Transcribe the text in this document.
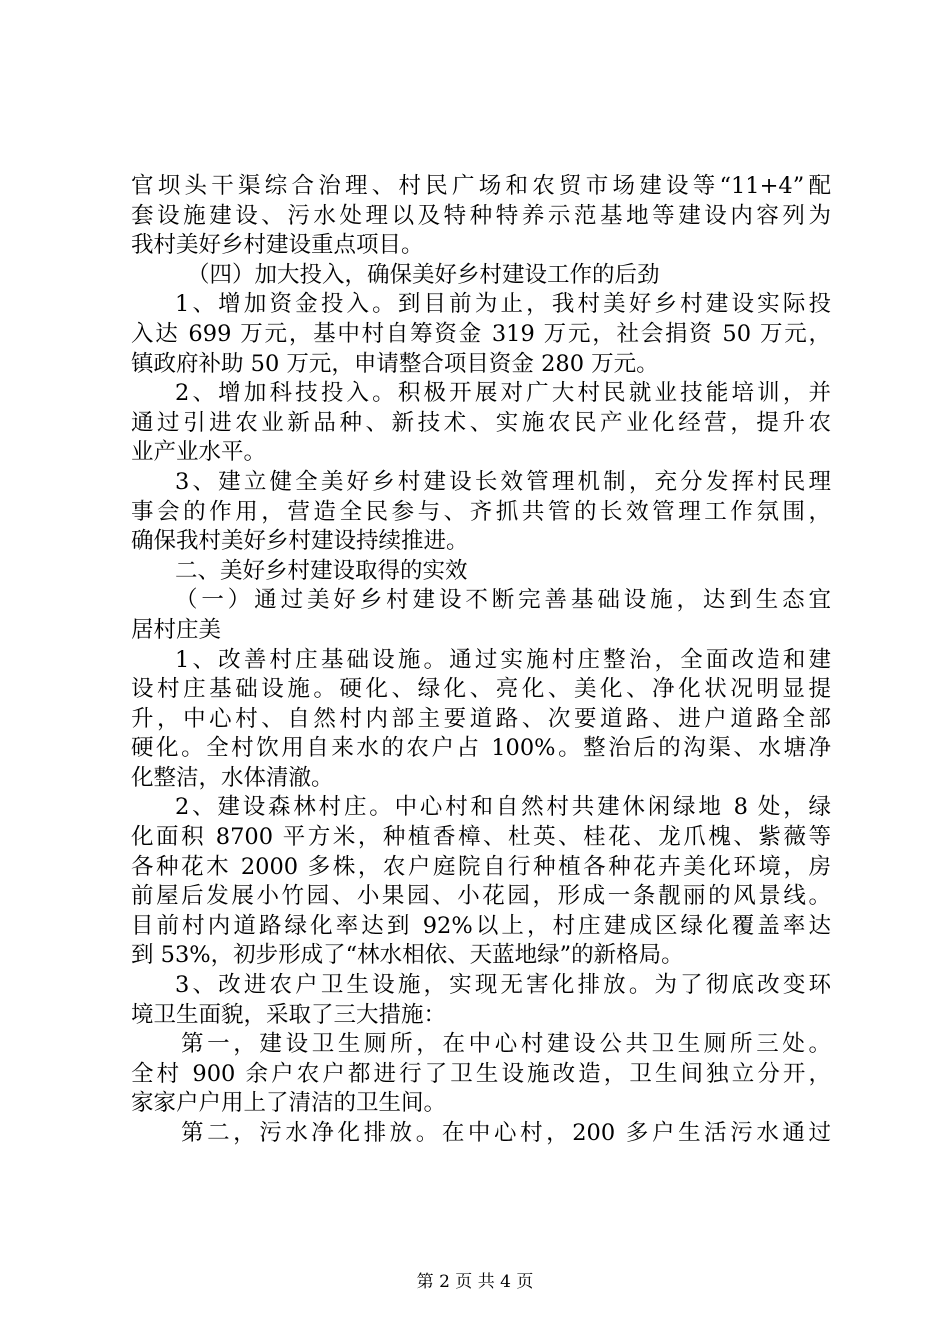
官坝头干渠综合治理、村民广场和农贸市场建设等“11+4”配
套设施建设、污水处理以及特种特养示范基地等建设内容列为
我村美好乡村建设重点项目。
（四）加大投入，确保美好乡村建设工作的后劲
1、增加资金投入。到目前为止，我村美好乡村建设实际投
入达 699 万元，基中村自筹资金 319 万元，社会捐资 50 万元，
镇政府补助 50 万元，申请整合项目资金 280 万元。
2、增加科技投入。积极开展对广大村民就业技能培训，并
通过引进农业新品种、新技术、实施农民产业化经营，提升农
业产业水平。
3、建立健全美好乡村建设长效管理机制，充分发挥村民理
事会的作用，营造全民参与、齐抓共管的长效管理工作氛围，
确保我村美好乡村建设持续推进。
二、美好乡村建设取得的实效
（一）通过美好乡村建设不断完善基础设施，达到生态宜
居村庄美
1、改善村庄基础设施。通过实施村庄整治，全面改造和建
设村庄基础设施。硬化、绿化、亮化、美化、净化状况明显提
升，中心村、自然村内部主要道路、次要道路、进户道路全部
硬化。全村饮用自来水的农户占 100%。整治后的沟渠、水塘净
化整洁，水体清澈。
2、建设森林村庄。中心村和自然村共建休闲绿地 8 处，绿
化面积 8700 平方米，种植香樟、杜英、桂花、龙爪槐、紫薇等
各种花木 2000 多株，农户庭院自行种植各种花卉美化环境，房
前屋后发展小竹园、小果园、小花园，形成一条靓丽的风景线。
目前村内道路绿化率达到 92%以上，村庄建成区绿化覆盖率达
到 53%，初步形成了“林水相依、天蓝地绿”的新格局。
3、改进农户卫生设施，实现无害化排放。为了彻底改变环
境卫生面貌，采取了三大措施：
第一，建设卫生厕所，在中心村建设公共卫生厕所三处。
全村 900 余户农户都进行了卫生设施改造，卫生间独立分开，
家家户户用上了清洁的卫生间。
第二，污水净化排放。在中心村，200 多户生活污水通过
第 2 页 共 4 页
